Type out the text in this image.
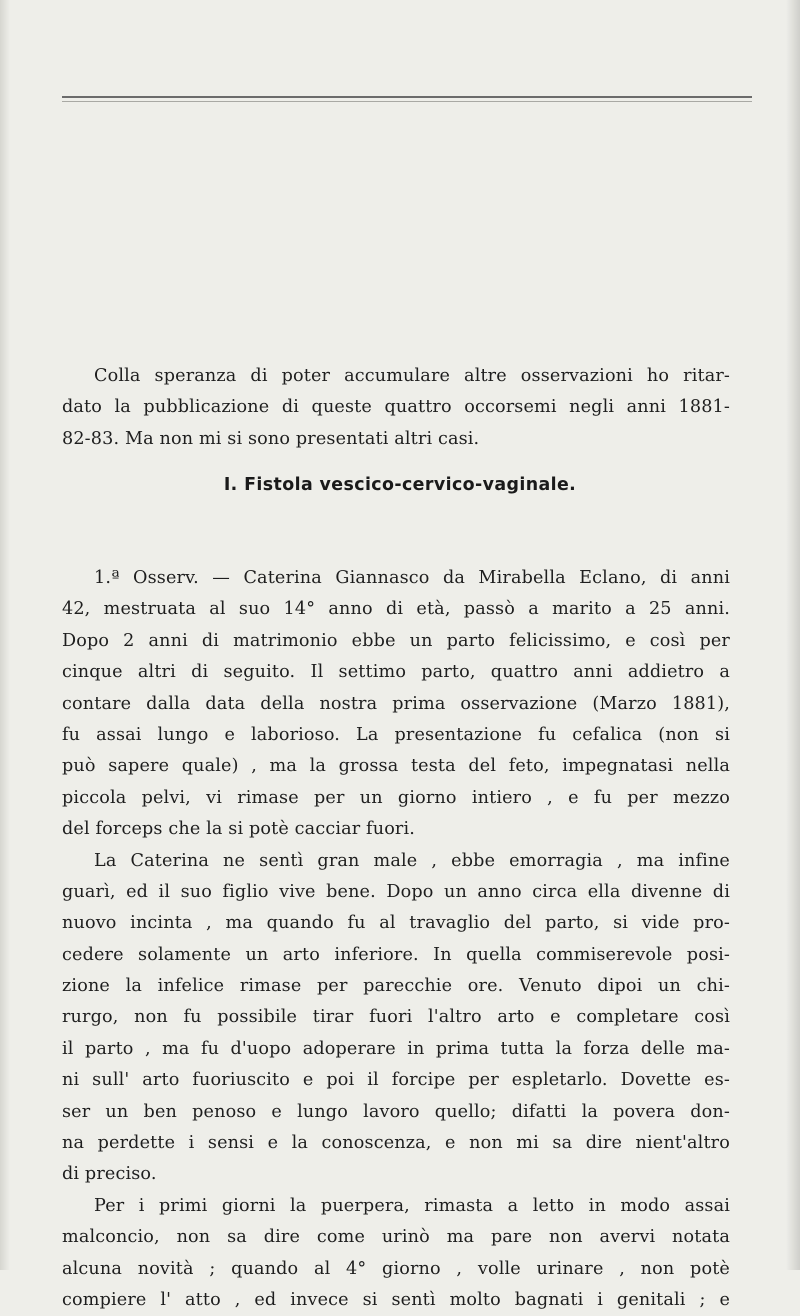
Colla speranza di poter accumulare altre osservazioni ho ritar-
dato la pubblicazione di queste quattro occorsemi negli anni 1881-
82-83. Ma non mi si sono presentati altri casi.
I. Fistola vescico-cervico-vaginale.
1.ª Osserv. — Caterina Giannasco da Mirabella Eclano, di anni
42, mestruata al suo 14° anno di età, passò a marito a 25 anni.
Dopo 2 anni di matrimonio ebbe un parto felicissimo, e così per
cinque altri di seguito. Il settimo parto, quattro anni addietro a
contare dalla data della nostra prima osservazione (Marzo 1881),
fu assai lungo e laborioso. La presentazione fu cefalica (non si
può sapere quale) , ma la grossa testa del feto, impegnatasi nella
piccola pelvi, vi rimase per un giorno intiero , e fu per mezzo
del forceps che la si potè cacciar fuori.
La Caterina ne sentì gran male , ebbe emorragia , ma infine
guarì, ed il suo figlio vive bene. Dopo un anno circa ella divenne di
nuovo incinta , ma quando fu al travaglio del parto, si vide pro-
cedere solamente un arto inferiore. In quella commiserevole posi-
zione la infelice rimase per parecchie ore. Venuto dipoi un chi-
rurgo, non fu possibile tirar fuori l'altro arto e completare così
il parto , ma fu d'uopo adoperare in prima tutta la forza delle ma-
ni sull' arto fuoriuscito e poi il forcipe per espletarlo. Dovette es-
ser un ben penoso e lungo lavoro quello; difatti la povera don-
na perdette i sensi e la conoscenza, e non mi sa dire nient'altro
di preciso.
Per i primi giorni la puerpera, rimasta a letto in modo assai
malconcio, non sa dire come urinò ma pare non avervi notata
alcuna novità ; quando al 4° giorno , volle urinare , non potè
compiere l' atto , ed invece si sentì molto bagnati i genitali ; e
